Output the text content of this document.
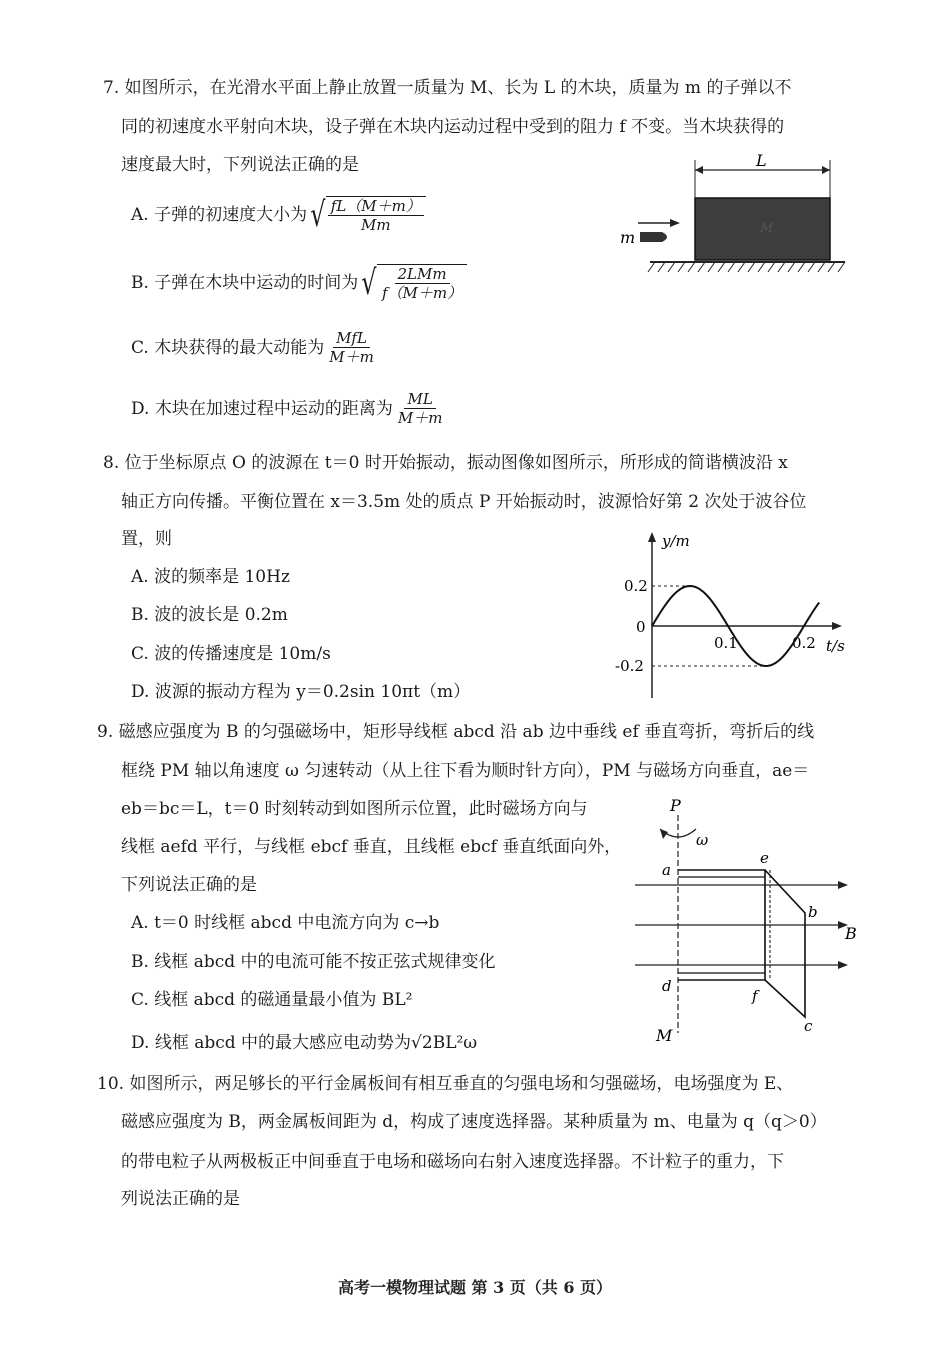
7. 如图所示，在光滑水平面上静止放置一质量为 M、长为 L 的木块，质量为 m 的子弹以不
同的初速度水平射向木块，设子弹在木块内运动过程中受到的阻力 f 不变。当木块获得的
速度最大时，下列说法正确的是
A. 子弹的初速度大小为 √ $\frac{fL(M+m)}{Mm}$
B. 子弹在木块中运动的时间为 √ $\frac{\text{2LMm}}{f(M+m)}$
C. 木块获得的最大动能为 $\frac{\text{MfL}}{M+m}$
D. 木块在加速过程中运动的距离为 $\frac{ML}{M+m}$
L
M
m
8. 位于坐标原点 O 的波源在 t＝0 时开始振动，振动图像如图所示，所形成的简谐横波沿 x
轴正方向传播。平衡位置在 x＝3.5m 处的质点 P 开始振动时，波源恰好第 2 次处于波谷位
置，则
A. 波的频率是 10Hz
B. 波的波长是 0.2m
C. 波的传播速度是 10m/s
D. 波源的振动方程为 y＝0.2sin 10πt（m）
y/m
t/s
0.2
0
-0.2
0.1	0.2
9. 磁感应强度为 B 的匀强磁场中，矩形导线框 abcd 沿 ab 边中垂线 ef 垂直弯折，弯折后的线
框绕 PM 轴以角速度 ω 匀速转动（从上往下看为顺时针方向），PM 与磁场方向垂直，ae＝
eb＝bc＝L，t＝0 时刻转动到如图所示位置，此时磁场方向与
线框 aefd 平行，与线框 ebcf 垂直，且线框 ebcf 垂直纸面向外，
下列说法正确的是
A. t＝0 时线框 abcd 中电流方向为 c→b
B. 线框 abcd 中的电流可能不按正弦式规律变化
C. 线框 abcd 的磁通量最小值为 BL²
D. 线框 abcd 中的最大感应电动势为√2BL²ω
P
M
ω
B
a
e
b
c
d
f
10. 如图所示，两足够长的平行金属板间有相互垂直的匀强电场和匀强磁场，电场强度为 E、
磁感应强度为 B，两金属板间距为 d，构成了速度选择器。某种质量为 m、电量为 q（q＞0）
的带电粒子从两极板正中间垂直于电场和磁场向右射入速度选择器。不计粒子的重力，下
列说法正确的是
高考一模物理试题 第 3 页（共 6 页）
